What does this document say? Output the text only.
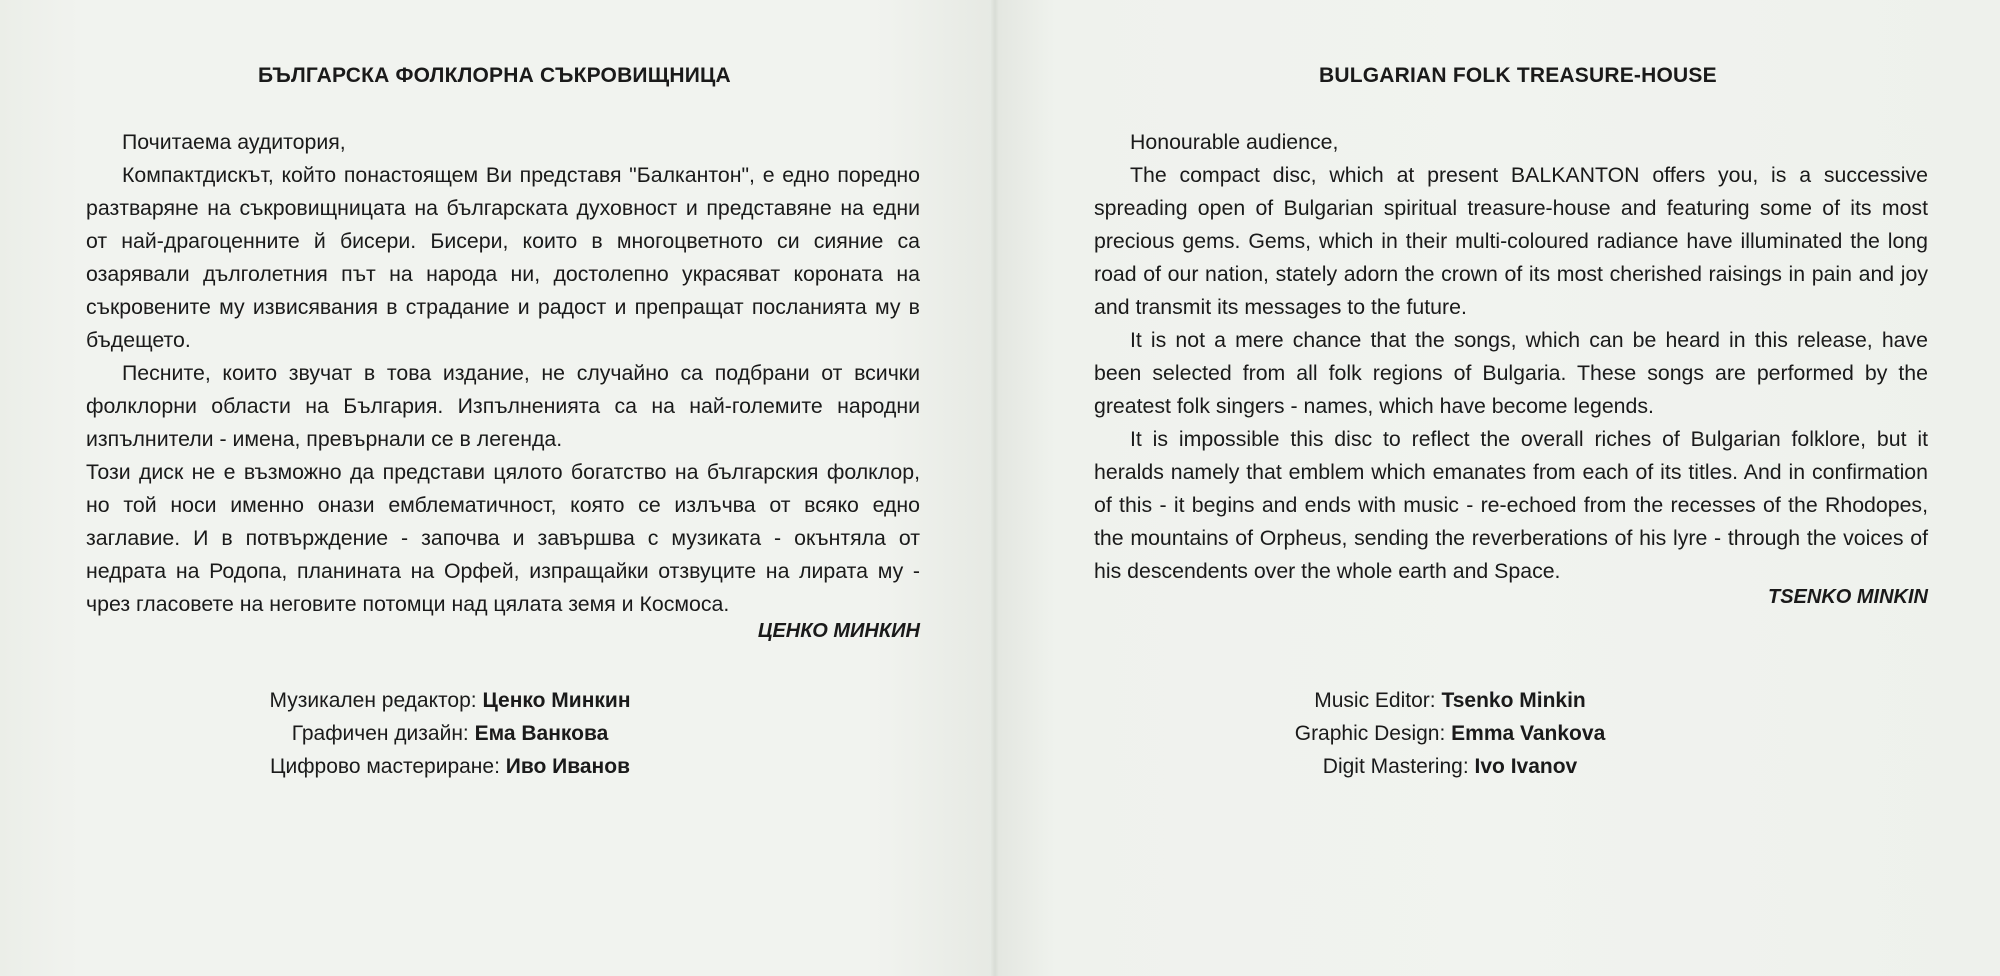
БЪЛГАРСКА ФОЛКЛОРНА СЪКРОВИЩНИЦА

Почитаема аудитория,

Компактдискът, който понастоящем Ви представя "Балкантон", е едно поредно разтваряне на съкровищницата на българската духовност и представяне на едни от най-драгоценните й бисери. Бисери, които в многоцветното си сияние са озарявали дълголетния път на народа ни, достолепно украсяват короната на съкровените му извисявания в страдание и радост и препращат посланията му в бъдещето.

Песните, които звучат в това издание, не случайно са подбрани от всички фолклорни области на България. Изпълненията са на най-големите народни изпълнители - имена, превърнали се в легенда.

Този диск не е възможно да представи цялото богатство на българския фолклор, но той носи именно онази емблематичност, която се излъчва от всяко едно заглавие. И в потвърждение - започва и завършва с музиката - окънтяла от недрата на Родопа, планината на Орфей, изпращайки отзвуците на лирата му - чрез гласовете на неговите потомци над цялата земя и Космоса.

ЦЕНКО МИНКИН
Музикален редактор: Ценко Минкин
Графичен дизайн: Ема Ванкова
Цифрово мастериране: Иво Иванов
BULGARIAN FOLK TREASURE-HOUSE

Honourable audience,

The compact disc, which at present BALKANTON offers you, is a successive spreading open of Bulgarian spiritual treasure-house and featuring some of its most precious gems. Gems, which in their multi-coloured radiance have illuminated the long road of our nation, stately adorn the crown of its most cherished raisings in pain and joy and transmit its messages to the future.

It is not a mere chance that the songs, which can be heard in this release, have been selected from all folk regions of Bulgaria. These songs are performed by the greatest folk singers - names, which have become legends.

It is impossible this disc to reflect the overall riches of Bulgarian folklore, but it heralds namely that emblem which emanates from each of its titles. And in confirmation of this - it begins and ends with music - re-echoed from the recesses of the Rhodopes, the mountains of Orpheus, sending the reverberations of his lyre - through the voices of his descendents over the whole earth and Space.

TSENKO MINKIN
Music Editor: Tsenko Minkin
Graphic Design: Emma Vankova
Digit Mastering: Ivo Ivanov
